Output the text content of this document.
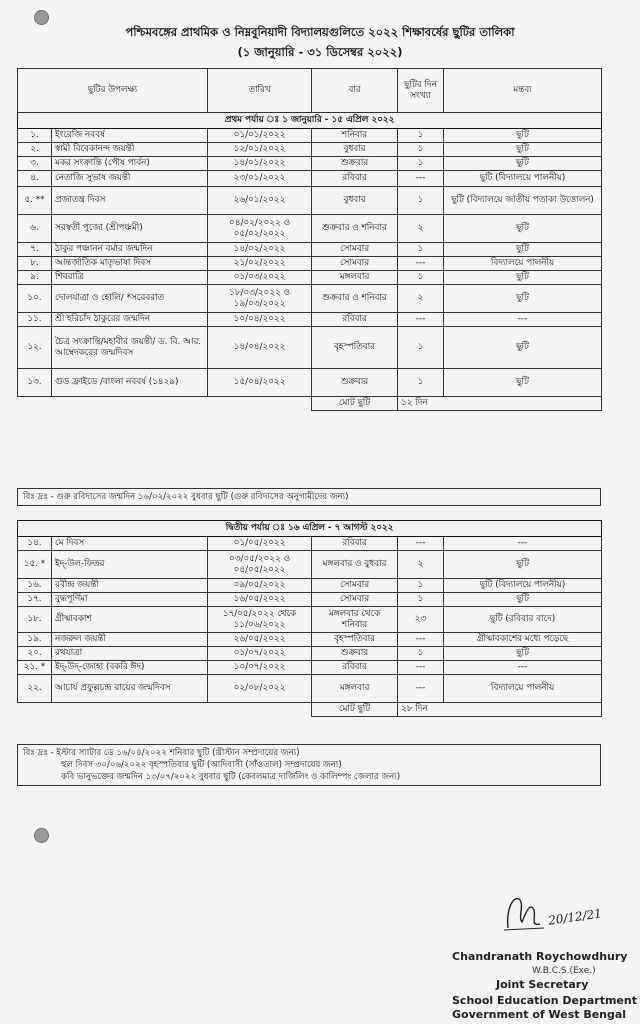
পশ্চিমবঙ্গের প্রাথমিক ও নিম্নবুনিয়াদী বিদ্যালয়গুলিতে ২০২২ শিক্ষাবর্ষের ছুটির তালিকা
(১ জানুয়ারি - ৩১ ডিসেম্বর ২০২২)
ছুটির উপলক্ষ্য		তারিখ	বার	ছুটির দিন সংখ্যা	মন্তব্য
প্রথম পর্যায় ঃ ১ জানুয়ারি - ১৫ এপ্রিল ২০২২					
১.	ইংরেজি নববর্ষ	০১/০১/২০২২	শনিবার	১	ছুটি
২.	স্বামী বিবেকানন্দ জয়ন্তী	১২/০১/২০২২	বুধবার	১	ছুটি
৩.	মকর সংক্রান্তি (পৌষ পার্বন)	১৪/০১/২০২২	শুক্রবার	১	ছুটি
৪.	নেতাজি সুভাষ জয়ন্তী	২৩/০১/২০২২	রবিবার	---	ছুটি (বিদ্যালয়ে পালনীয়)
৫. **	প্রজাতন্ত্র দিবস	২৬/০১/২০২২	বুধবার	১	ছুটি (বিদ্যালয়ে জাতীয় পতাকা উত্তোলন)
৬.	সরস্বতী পুজো (শ্রীপঞ্চমী)	০৪/০২/২০২২ ও ০৫/০২/২০২২	শুক্রবার ও শনিবার	২	ছুটি
৭.	ঠাকুর পঞ্চানন বর্মার জন্মদিন	১৪/০২/২০২২	সোমবার	১	ছুটি
৮.	আন্তর্জাতিক মাতৃভাষা দিবস	২১/০২/২০২২	সোমবার	---	বিদ্যালয়ে পালনীয়
৯.	শিবরাত্রি	০১/০৩/২০২২	মঙ্গলবার	১	ছুটি
১০.	দোলযাত্রা ও হোলি/ *সবেবরাত	১৮/০৩/২০২২ ও ১৯/০৩/২০২২	শুক্রবার ও শনিবার	২	ছুটি
১১.	শ্রী হরিচাঁদ ঠাকুরের জন্মদিন	১০/০৪/২০২২	রবিবার	---	---
১২.	চৈত্র সংক্রান্তি/মহাবীর জয়ন্তী/ ড. বি. আর. আম্বেদকরের জন্মদিবস	১৪/০৪/২০২২	বৃহস্পতিবার	১	ছুটি
১৩.	গুড ফ্রাইডে /বাংলা নববর্ষ (১৪২৯)	১৫/০৪/২০২২	শুক্রবার	১	ছুটি
			মোট ছুটি	১২ দিন	
বিঃ দ্রঃ - গুরু রবিদাসের জন্মদিন ১৬/০২/২০২২ বুধবার ছুটি (গুরু রবিদাসের অনুগামীদের জন্য)
দ্বিতীয় পর্যায় ঃ ১৬ এপ্রিল - ৭ আগস্ট ২০২২					
১৪.	মে দিবস	০১/০৫/২০২২	রবিবার	---	---
১৫. *	ইদ্-উল-ফিতর	০৩/০৫/২০২২ ও ০৪/০৫/২০২২	মঙ্গলবার ও বুধবার	২	ছুটি
১৬.	রবীন্দ্র জয়ন্তী	০৯/০৫/২০২২	সোমবার	১	ছুটি (বিদ্যালয়ে পালনীয়)
১৭.	বুদ্ধপূর্ণিমা	১৬/০৫/২০২২	সোমবার	১	ছুটি
১৮.	গ্রীষ্মাবকাশ	১৭/০৫/২০২২ থেকে ১১/০৬/২০২২	মঙ্গলবার থেকে শনিবার	২৩	ছুটি (রবিবার বাদে)
১৯.	নজরুল জয়ন্তী	২৬/০৫/২০২২	বৃহস্পতিবার	---	গ্রীষ্মাবকাশের মধ্যে পড়েছে
২০.	রথযাত্রা	০১/০৭/২০২২	শুক্রবার	১	ছুটি
২১. *	ইদ্-উদ্-জোহা (বকরি ঈদ)	১০/০৭/২০২২	রবিবার	---	---
২২.	আচার্য প্রফুল্লচন্দ্র রায়ের জন্মদিবস	০২/০৮/২০২২	মঙ্গলবার	---	বিদ্যালয়ে পালনীয়
			মোট ছুটি	২৮ দিন	
বিঃ দ্রঃ - ইস্টার স্যাটার ডে ১৬/০৪/২০২২ শনিবার ছুটি (খ্রীস্টান সম্প্রদায়ের জন্য)
হুল দিবস ৩০/০৬/২০২২ বৃহস্পতিবার ছুটি (আদিবাসী (সাঁওতাল) সম্প্রদায়ের জন্য)
কবি ভানুভক্তের জন্মদিন ১৩/০৭/২০২২ বুধবার ছুটি (কেবলমাত্র দার্জিলিং ও কালিম্পং জেলার জন্য)
20/12/21
Chandranath Roychowdhury
W.B.C.S.(Exe.)
Joint Secretary
School Education Department
Government of West Bengal
